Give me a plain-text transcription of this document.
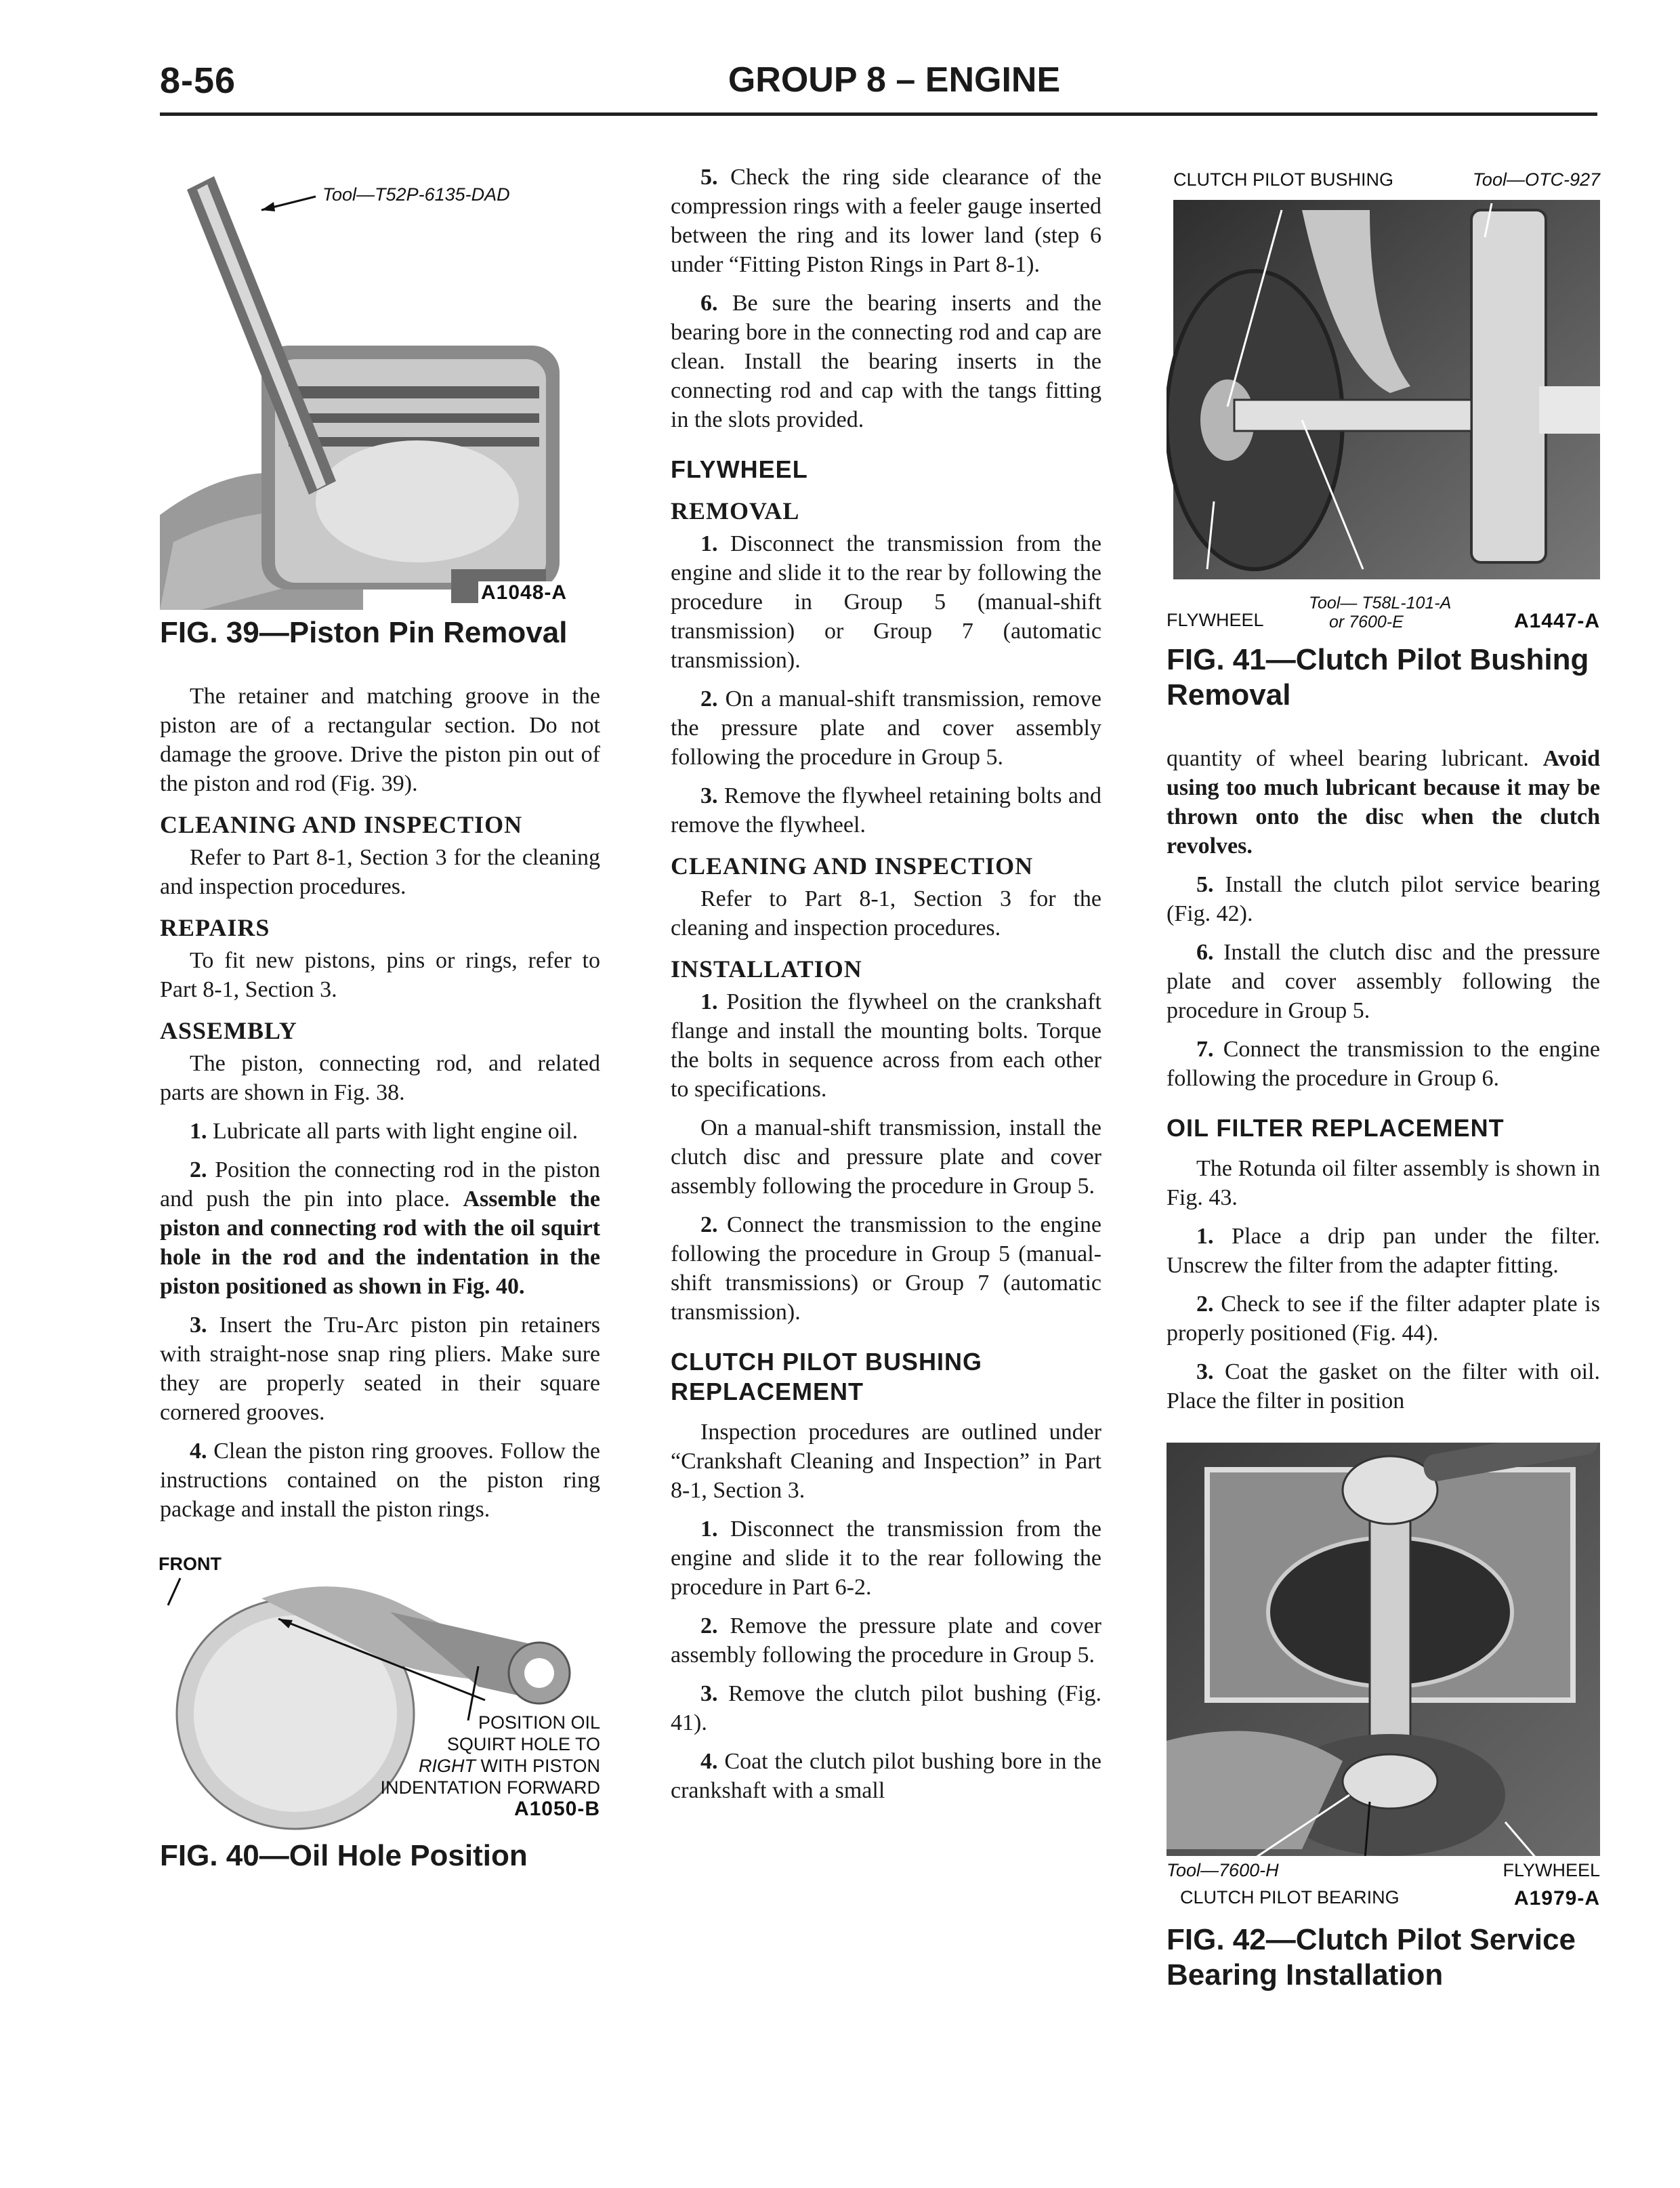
8-56	GROUP 8 – ENGINE
Tool—T52P-6135-DAD
A1048-A
FIG. 39—Piston Pin Removal

The retainer and matching groove in the piston are of a rectangular section. Do not damage the groove. Drive the piston pin out of the piston and rod (Fig. 39).

CLEANING AND INSPECTION

Refer to Part 8-1, Section 3 for the cleaning and inspection procedures.

REPAIRS

To fit new pistons, pins or rings, refer to Part 8-1, Section 3.

ASSEMBLY

The piston, connecting rod, and related parts are shown in Fig. 38.

1. Lubricate all parts with light engine oil.

2. Position the connecting rod in the piston and push the pin into place. Assemble the piston and connecting rod with the oil squirt hole in the rod and the indentation in the piston positioned as shown in Fig. 40.

3. Insert the Tru-Arc piston pin retainers with straight-nose snap ring pliers. Make sure they are properly seated in their square cornered grooves.

4. Clean the piston ring grooves. Follow the instructions contained on the piston ring package and install the piston rings.

FRONT
POSITION OIL
SQUIRT HOLE TO
RIGHT WITH PISTON
INDENTATION FORWARD
A1050-B
FIG. 40—Oil Hole Position

5. Check the ring side clearance of the compression rings with a feeler gauge inserted between the ring and its lower land (step 6 under “Fitting Piston Rings in Part 8-1).

6. Be sure the bearing inserts and the bearing bore in the connecting rod and cap are clean. Install the bearing inserts in the connecting rod and cap with the tangs fitting in the slots provided.

FLYWHEEL
REMOVAL

1. Disconnect the transmission from the engine and slide it to the rear by following the procedure in Group 5 (manual-shift transmission) or Group 7 (automatic transmission).

2. On a manual-shift transmission, remove the pressure plate and cover assembly following the procedure in Group 5.

3. Remove the flywheel retaining bolts and remove the flywheel.

CLEANING AND INSPECTION

Refer to Part 8-1, Section 3 for the cleaning and inspection procedures.

INSTALLATION

1. Position the flywheel on the crankshaft flange and install the mounting bolts. Torque the bolts in sequence across from each other to specifications.

On a manual-shift transmission, install the clutch disc and pressure plate and cover assembly following the procedure in Group 5.

2. Connect the transmission to the engine following the procedure in Group 5 (manual-shift transmissions) or Group 7 (automatic transmission).

CLUTCH PILOT BUSHING REPLACEMENT

Inspection procedures are outlined under “Crankshaft Cleaning and Inspection” in Part 8-1, Section 3.

1. Disconnect the transmission from the engine and slide it to the rear following the procedure in Part 6-2.

2. Remove the pressure plate and cover assembly following the procedure in Group 5.

3. Remove the clutch pilot bushing (Fig. 41).

4. Coat the clutch pilot bushing bore in the crankshaft with a small

CLUTCH PILOT BUSHING	Tool—OTC-927
FLYWHEEL
Tool— T58L-101-A
or 7600-E	A1447-A
FIG. 41—Clutch Pilot Bushing Removal

quantity of wheel bearing lubricant. Avoid using too much lubricant because it may be thrown onto the disc when the clutch revolves.

5. Install the clutch pilot service bearing (Fig. 42).

6. Install the clutch disc and the pressure plate and cover assembly following the procedure in Group 5.

7. Connect the transmission to the engine following the procedure in Group 6.

OIL FILTER REPLACEMENT

The Rotunda oil filter assembly is shown in Fig. 43.

1. Place a drip pan under the filter. Unscrew the filter from the adapter fitting.

2. Check to see if the filter adapter plate is properly positioned (Fig. 44).

3. Coat the gasket on the filter with oil. Place the filter in position

Tool—7600-H	FLYWHEEL
CLUTCH PILOT BEARING	A1979-A
FIG. 42—Clutch Pilot Service Bearing Installation
